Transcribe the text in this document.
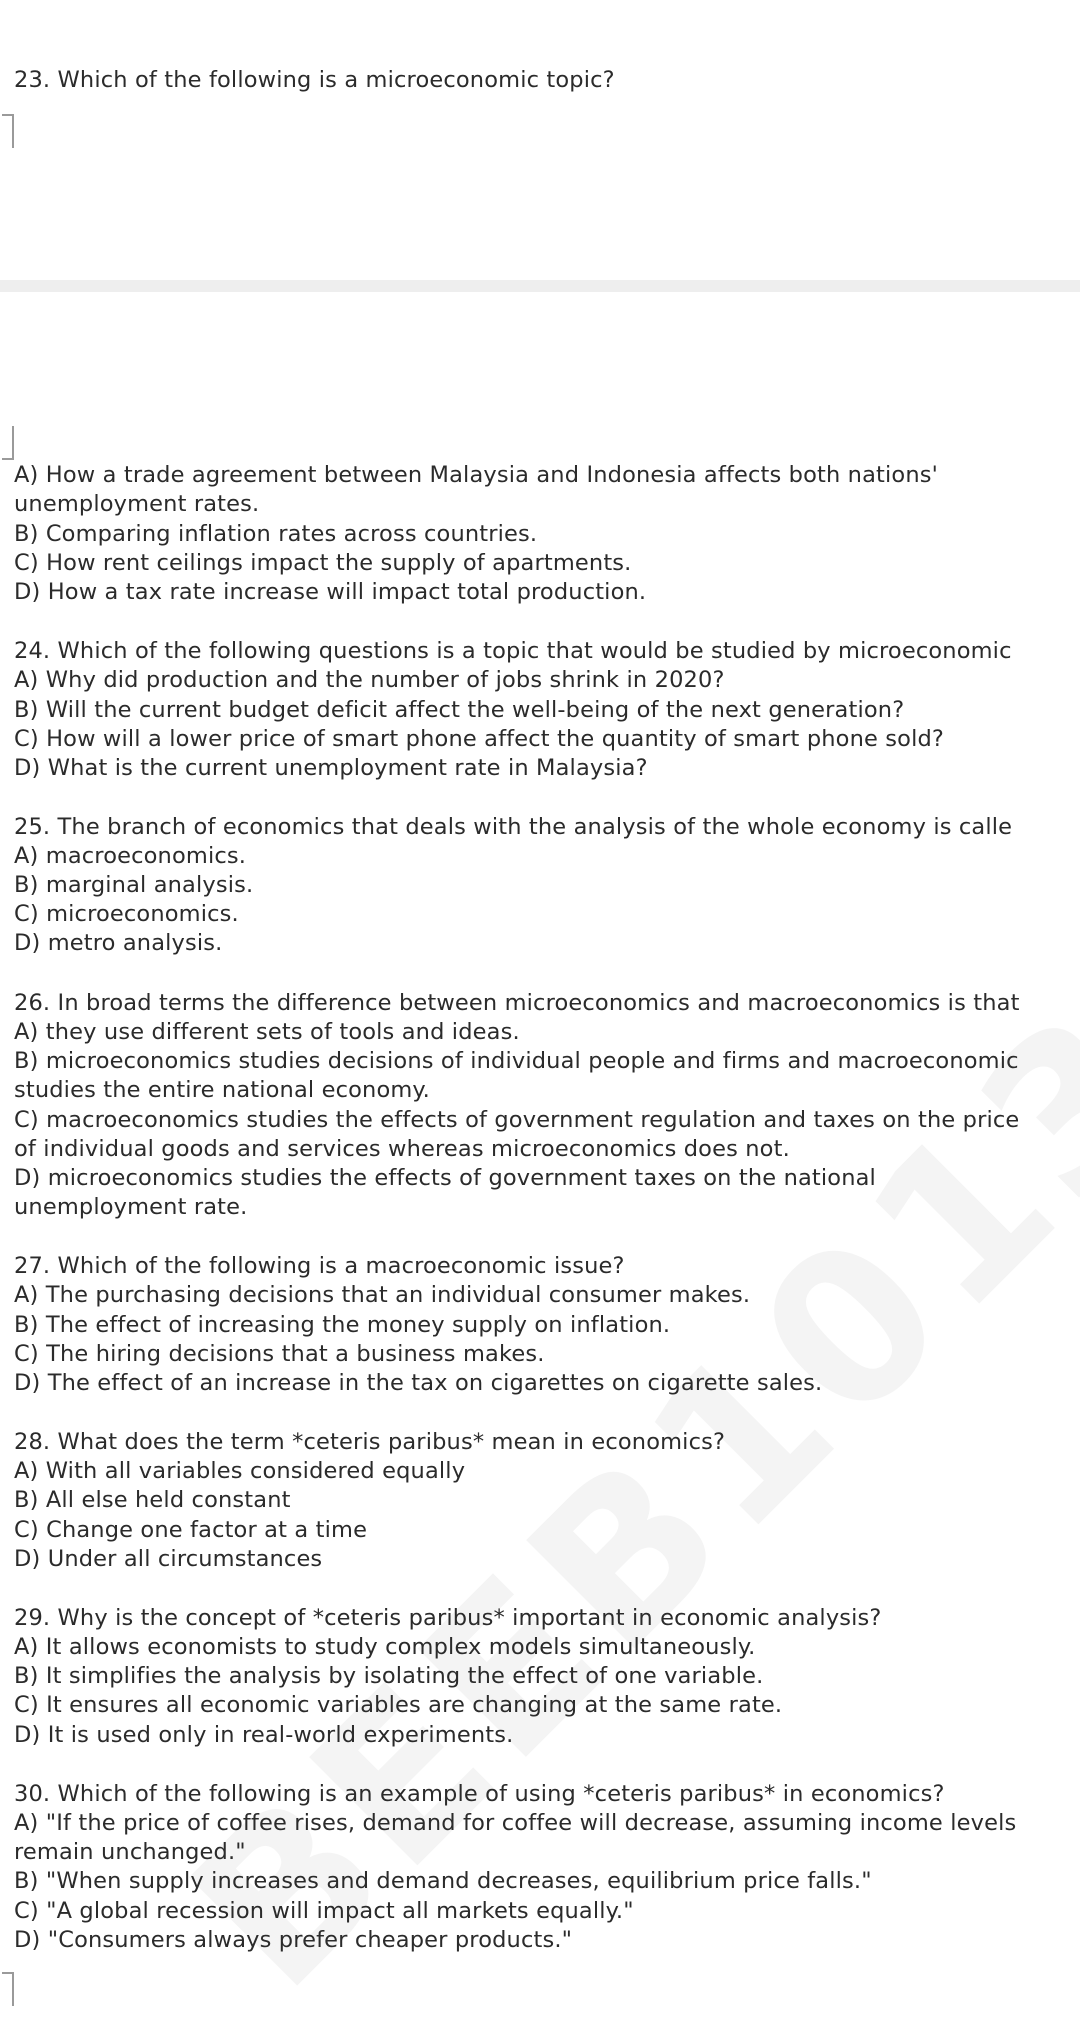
23. Which of the following is a microeconomic topic?
A) How a trade agreement between Malaysia and Indonesia affects both nations'
unemployment rates.
B) Comparing inflation rates across countries.
C) How rent ceilings impact the supply of apartments.
D) How a tax rate increase will impact total production.
24. Which of the following questions is a topic that would be studied by microeconomic
A) Why did production and the number of jobs shrink in 2020?
B) Will the current budget deficit affect the well-being of the next generation?
C) How will a lower price of smart phone affect the quantity of smart phone sold?
D) What is the current unemployment rate in Malaysia?
25. The branch of economics that deals with the analysis of the whole economy is calle
A) macroeconomics.
B) marginal analysis.
C) microeconomics.
D) metro analysis.
26. In broad terms the difference between microeconomics and macroeconomics is that
A) they use different sets of tools and ideas.
B) microeconomics studies decisions of individual people and firms and macroeconomic
studies the entire national economy.
C) macroeconomics studies the effects of government regulation and taxes on the price
of individual goods and services whereas microeconomics does not.
D) microeconomics studies the effects of government taxes on the national
unemployment rate.
27. Which of the following is a macroeconomic issue?
A) The purchasing decisions that an individual consumer makes.
B) The effect of increasing the money supply on inflation.
C) The hiring decisions that a business makes.
D) The effect of an increase in the tax on cigarettes on cigarette sales.
28. What does the term *ceteris paribus* mean in economics?
A) With all variables considered equally
B) All else held constant
C) Change one factor at a time
D) Under all circumstances
29. Why is the concept of *ceteris paribus* important in economic analysis?
A) It allows economists to study complex models simultaneously.
B) It simplifies the analysis by isolating the effect of one variable.
C) It ensures all economic variables are changing at the same rate.
D) It is used only in real-world experiments.
30. Which of the following is an example of using *ceteris paribus* in economics?
A) "If the price of coffee rises, demand for coffee will decrease, assuming income levels
remain unchanged."
B) "When supply increases and demand decreases, equilibrium price falls."
C) "A global recession will impact all markets equally."
D) "Consumers always prefer cheaper products."
